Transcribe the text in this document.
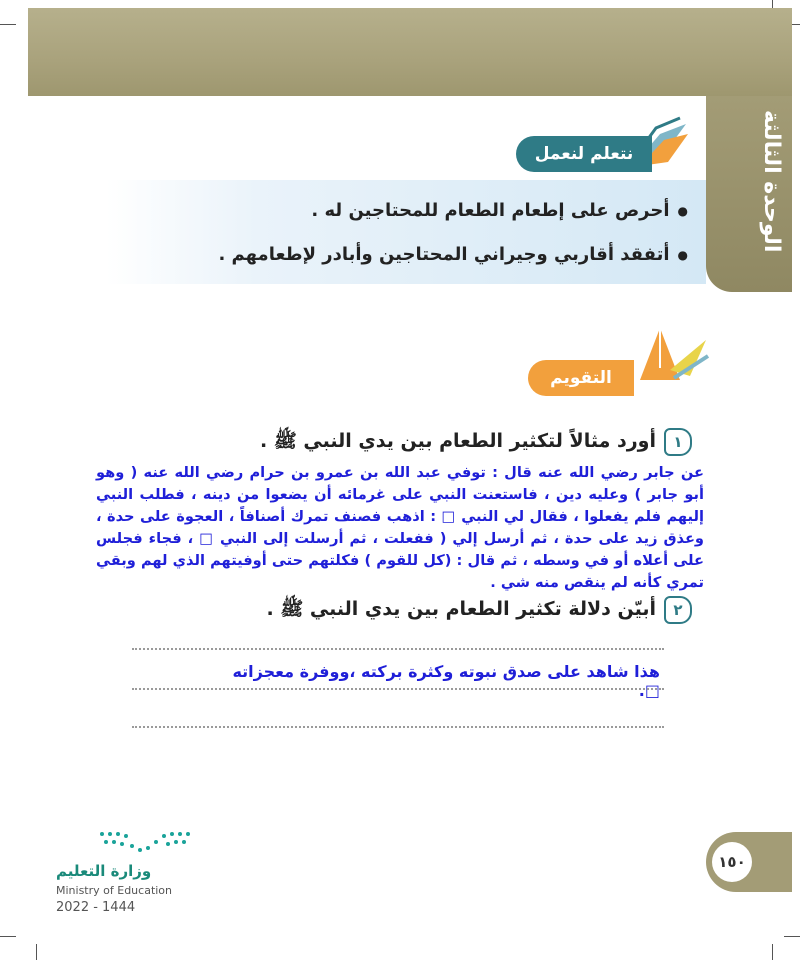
الوحدة الثالثة
نتعلم لنعمل
● أحرص على إطعام الطعام للمحتاجين له .
● أتفقد أقاربي وجيراني المحتاجين وأبادر لإطعامهم .
التقويم
١أورد مثالاً لتكثير الطعام بين يدي النبي ﷺ .
عن جابر رضي الله عنه قال : توفي عبد الله بن عمرو بن حرام رضي الله عنه ( وهو أبو جابر ) وعليه دين ، فاستعنت النبي على غرمائه أن يضعوا من دينه ، فطلب النبي إليهم فلم يفعلوا ، فقال لي النبي □ : اذهب فصنف تمرك أصنافاً ، العجوة على حدة ، وعذق زيد على حدة ، ثم أرسل إلي ( ففعلت ، ثم أرسلت إلى النبي □ ، فجاء فجلس على أعلاه أو في وسطه ، ثم قال : (كل للقوم ) فكلتهم حتى أوفيتهم الذي لهم وبقي تمري كأنه لم ينقص منه شي .
٢أبيّن دلالة تكثير الطعام بين يدي النبي ﷺ .
هذا شاهد على صدق نبوته وكثرة بركته ،ووفرة معجزاته □.
وزارة التعليم
Ministry of Education
2022 - 1444
١٥٠
